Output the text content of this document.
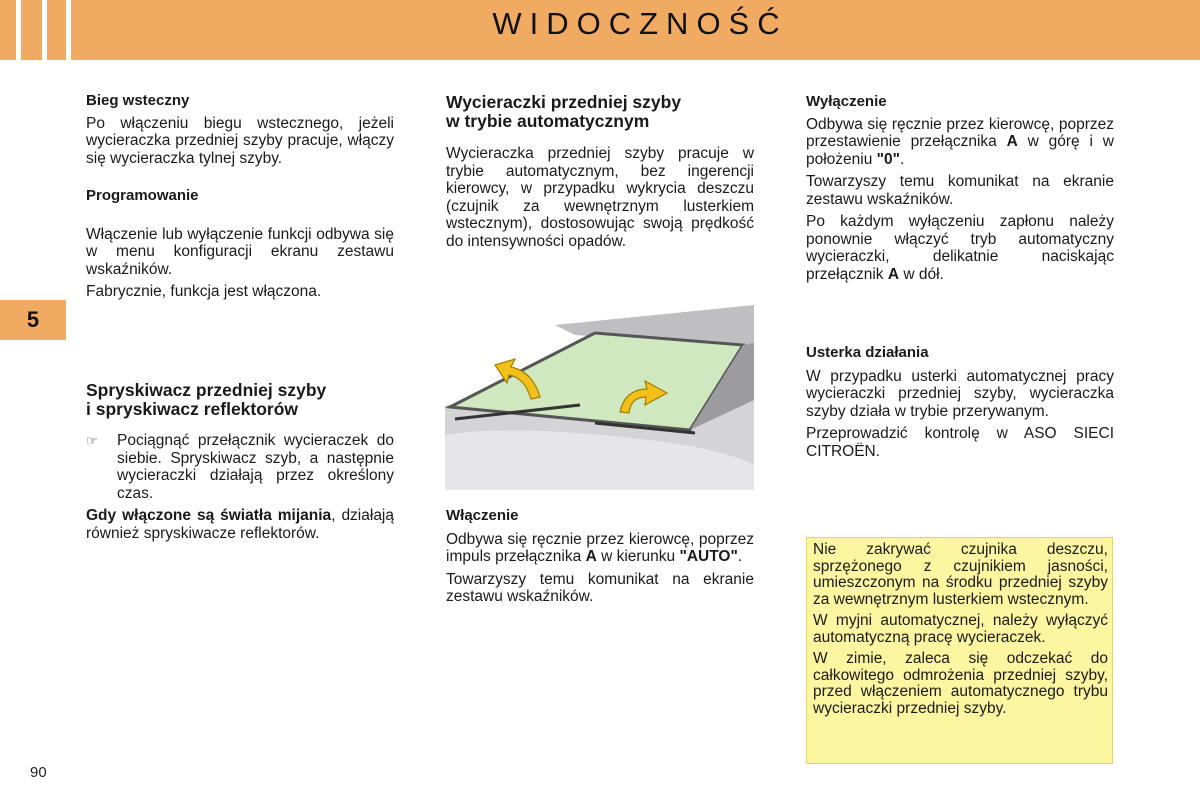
WIDOCZNOŚĆ
5
90

Bieg wsteczny

Po włączeniu biegu wstecznego, jeżeli wycieraczka przedniej szyby pracuje, włączy się wycieraczka tylnej szyby.

Programowanie

Włączenie lub wyłączenie funkcji odbywa się w menu konfiguracji ekranu zestawu wskaźników.

Fabrycznie, funkcja jest włączona.

Spryskiwacz przedniej szyby
i spryskiwacz reflektorów

☞ Pociągnąć przełącznik wycieraczek do siebie. Spryskiwacz szyb, a następnie wycieraczki działają przez określony czas.

Gdy włączone są światła mijania, działają również spryskiwacze reflektorów.

Wycieraczki przedniej szyby
w trybie automatycznym

Wycieraczka przedniej szyby pracuje w trybie automatycznym, bez ingerencji kierowcy, w przypadku wykrycia deszczu (czujnik za wewnętrznym lusterkiem wstecznym), dostosowując swoją prędkość do intensywności opadów.

Włączenie

Odbywa się ręcznie przez kierowcę, poprzez impuls przełącznika A w kierunku "AUTO".

Towarzyszy temu komunikat na ekranie zestawu wskaźników.

Wyłączenie

Odbywa się ręcznie przez kierowcę, poprzez przestawienie przełącznika A w górę i w położeniu "0".

Towarzyszy temu komunikat na ekranie zestawu wskaźników.

Po każdym wyłączeniu zapłonu należy ponownie włączyć tryb automatyczny wycieraczki, delikatnie naciskając przełącznik A w dół.

Usterka działania

W przypadku usterki automatycznej pracy wycieraczki przedniej szyby, wycieraczka szyby działa w trybie przerywanym.

Przeprowadzić kontrolę w ASO SIECI CITROËN.

Nie zakrywać czujnika deszczu, sprzężonego z czujnikiem jasności, umieszczonym na środku przedniej szyby za wewnętrznym lusterkiem wstecznym.

W myjni automatycznej, należy wyłączyć automatyczną pracę wycieraczek.

W zimie, zaleca się odczekać do całkowitego odmrożenia przedniej szyby, przed włączeniem automatycznego trybu wycieraczki przedniej szyby.
